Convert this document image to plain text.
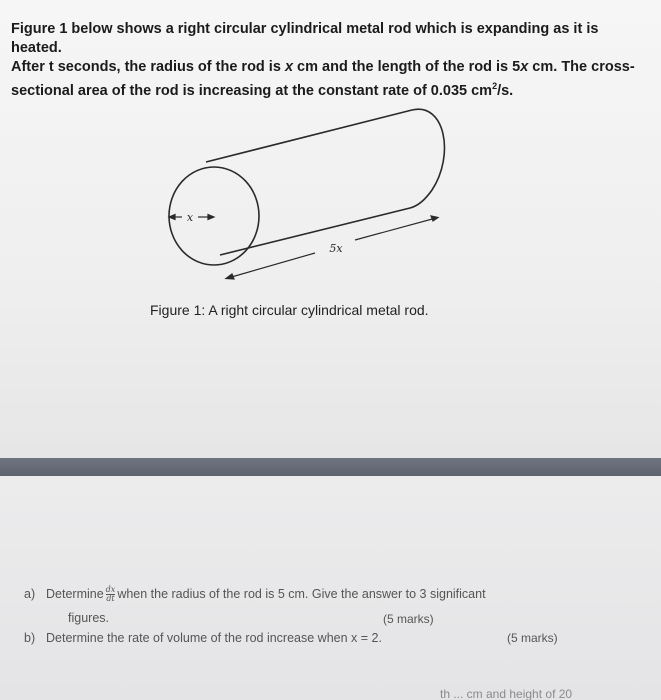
Figure 1 below shows a right circular cylindrical metal rod which is expanding as it is heated.
After t seconds, the radius of the rod is x cm and the length of the rod is 5x cm. The cross-
sectional area of the rod is increasing at the constant rate of 0.035 $cm^2/s$.

x
5x

Figure 1: A right circular cylindrical metal rod.

a) Determine $\frac{dx}{dt}$ when the radius of the rod is 5 cm. Give the answer to 3 significant

figures.	(5 marks)

b) Determine the rate of volume of the rod increase when x = 2.	(5 marks)

th ... cm and height of 20
